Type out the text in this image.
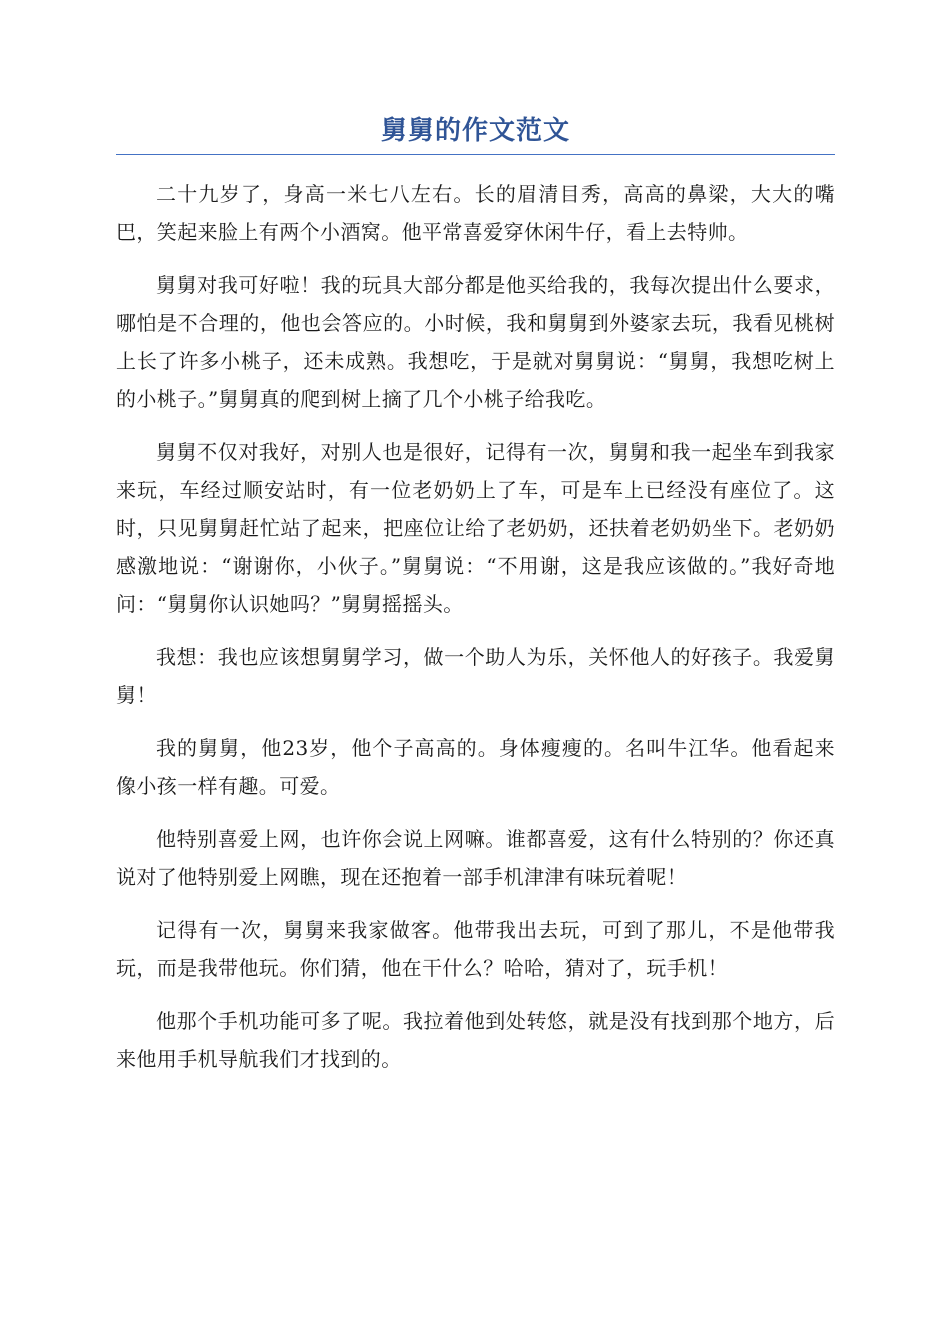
舅舅的作文范文

二十九岁了，身高一米七八左右。长的眉清目秀，高高的鼻梁，大大的嘴巴，笑起来脸上有两个小酒窝。他平常喜爱穿休闲牛仔，看上去特帅。

舅舅对我可好啦！我的玩具大部分都是他买给我的，我每次提出什么要求，哪怕是不合理的，他也会答应的。小时候，我和舅舅到外婆家去玩，我看见桃树上长了许多小桃子，还未成熟。我想吃，于是就对舅舅说：“舅舅，我想吃树上的小桃子。”舅舅真的爬到树上摘了几个小桃子给我吃。

舅舅不仅对我好，对别人也是很好，记得有一次，舅舅和我一起坐车到我家来玩，车经过顺安站时，有一位老奶奶上了车，可是车上已经没有座位了。这时，只见舅舅赶忙站了起来，把座位让给了老奶奶，还扶着老奶奶坐下。老奶奶感激地说：“谢谢你，小伙子。”舅舅说：“不用谢，这是我应该做的。”我好奇地问：“舅舅你认识她吗？”舅舅摇摇头。

我想：我也应该想舅舅学习，做一个助人为乐，关怀他人的好孩子。我爱舅舅！

我的舅舅，他23岁，他个子高高的。身体瘦瘦的。名叫牛江华。他看起来像小孩一样有趣。可爱。

他特别喜爱上网，也许你会说上网嘛。谁都喜爱，这有什么特别的？你还真说对了他特别爱上网瞧，现在还抱着一部手机津津有味玩着呢！

记得有一次，舅舅来我家做客。他带我出去玩，可到了那儿，不是他带我玩，而是我带他玩。你们猜，他在干什么？哈哈，猜对了，玩手机！

他那个手机功能可多了呢。我拉着他到处转悠，就是没有找到那个地方，后来他用手机导航我们才找到的。
